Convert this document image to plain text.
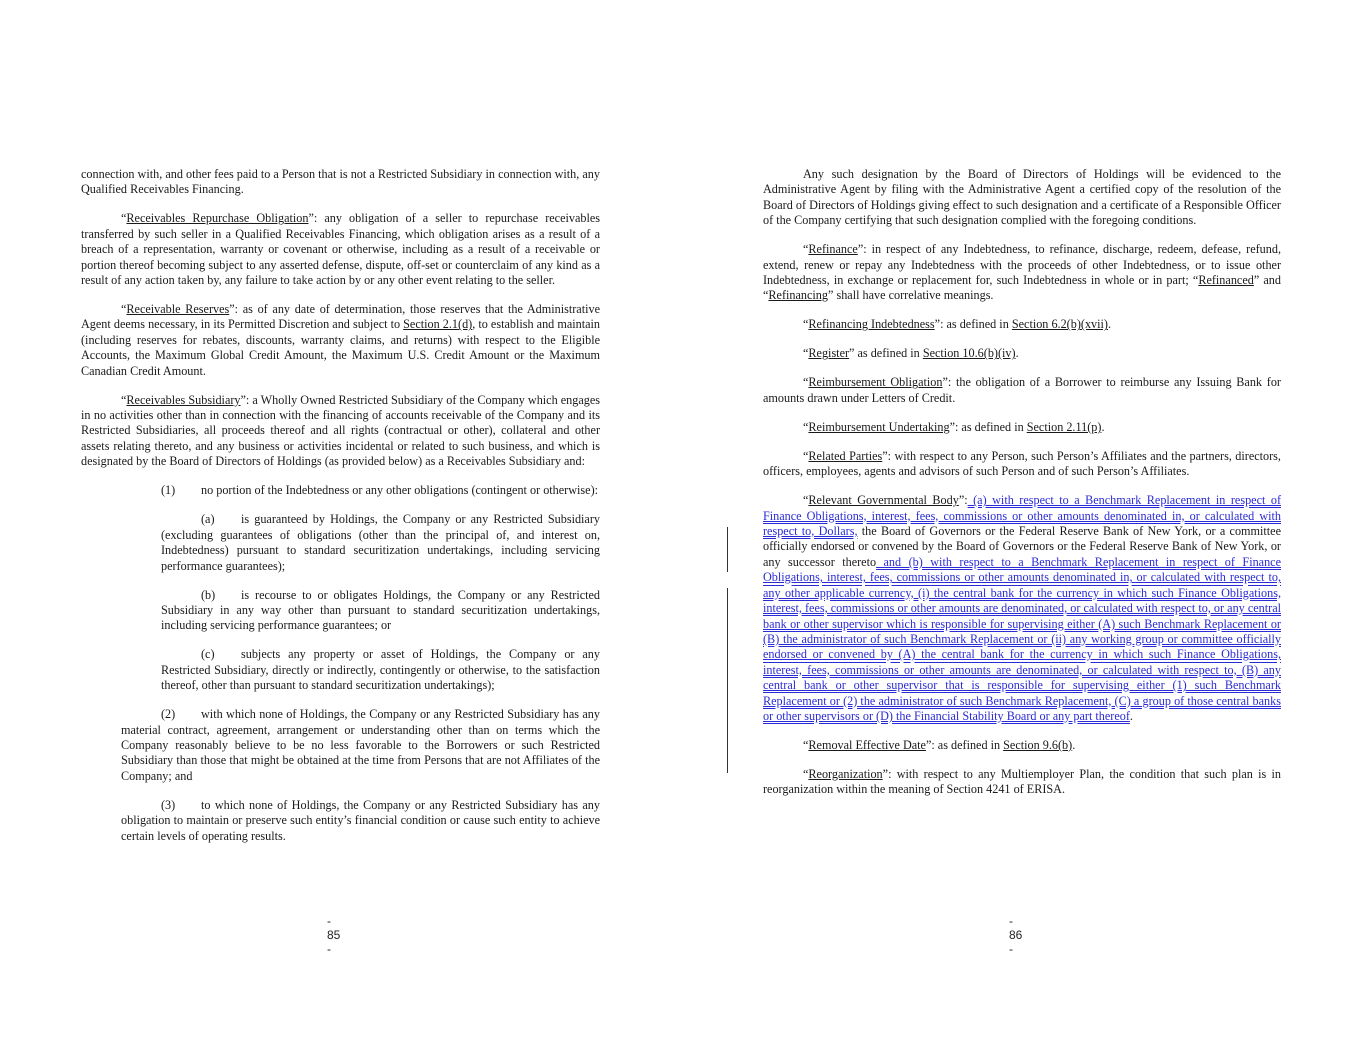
connection with, and other fees paid to a Person that is not a Restricted Subsidiary in connection with, any Qualified Receivables Financing.

“Receivables Repurchase Obligation”: any obligation of a seller to repurchase receivables transferred by such seller in a Qualified Receivables Financing, which obligation arises as a result of a breach of a representation, warranty or covenant or otherwise, including as a result of a receivable or portion thereof becoming subject to any asserted defense, dispute, off-set or counterclaim of any kind as a result of any action taken by, any failure to take action by or any other event relating to the seller.

“Receivable Reserves”: as of any date of determination, those reserves that the Administrative Agent deems necessary, in its Permitted Discretion and subject to Section 2.1(d), to establish and maintain (including reserves for rebates, discounts, warranty claims, and returns) with respect to the Eligible Accounts, the Maximum Global Credit Amount, the Maximum U.S. Credit Amount or the Maximum Canadian Credit Amount.

“Receivables Subsidiary”: a Wholly Owned Restricted Subsidiary of the Company which engages in no activities other than in connection with the financing of accounts receivable of the Company and its Restricted Subsidiaries, all proceeds thereof and all rights (contractual or other), collateral and other assets relating thereto, and any business or activities incidental or related to such business, and which is designated by the Board of Directors of Holdings (as provided below) as a Receivables Subsidiary and:

(1) no portion of the Indebtedness or any other obligations (contingent or otherwise):

(a) is guaranteed by Holdings, the Company or any Restricted Subsidiary (excluding guarantees of obligations (other than the principal of, and interest on, Indebtedness) pursuant to standard securitization undertakings, including servicing performance guarantees);

(b) is recourse to or obligates Holdings, the Company or any Restricted Subsidiary in any way other than pursuant to standard securitization undertakings, including servicing performance guarantees; or

(c) subjects any property or asset of Holdings, the Company or any Restricted Subsidiary, directly or indirectly, contingently or otherwise, to the satisfaction thereof, other than pursuant to standard securitization undertakings);

(2) with which none of Holdings, the Company or any Restricted Subsidiary has any material contract, agreement, arrangement or understanding other than on terms which the Company reasonably believe to be no less favorable to the Borrowers or such Restricted Subsidiary than those that might be obtained at the time from Persons that are not Affiliates of the Company; and

(3) to which none of Holdings, the Company or any Restricted Subsidiary has any obligation to maintain or preserve such entity’s financial condition or cause such entity to achieve certain levels of operating results.

- 85 -

Any such designation by the Board of Directors of Holdings will be evidenced to the Administrative Agent by filing with the Administrative Agent a certified copy of the resolution of the Board of Directors of Holdings giving effect to such designation and a certificate of a Responsible Officer of the Company certifying that such designation complied with the foregoing conditions.

“Refinance”: in respect of any Indebtedness, to refinance, discharge, redeem, defease, refund, extend, renew or repay any Indebtedness with the proceeds of other Indebtedness, or to issue other Indebtedness, in exchange or replacement for, such Indebtedness in whole or in part; “Refinanced” and “Refinancing” shall have correlative meanings.

“Refinancing Indebtedness”: as defined in Section 6.2(b)(xvii).

“Register” as defined in Section 10.6(b)(iv).

“Reimbursement Obligation”: the obligation of a Borrower to reimburse any Issuing Bank for amounts drawn under Letters of Credit.

“Reimbursement Undertaking”: as defined in Section 2.11(p).

“Related Parties”: with respect to any Person, such Person’s Affiliates and the partners, directors, officers, employees, agents and advisors of such Person and of such Person’s Affiliates.

“Relevant Governmental Body”: (a) with respect to a Benchmark Replacement in respect of Finance Obligations, interest, fees, commissions or other amounts denominated in, or calculated with respect to, Dollars, the Board of Governors or the Federal Reserve Bank of New York, or a committee officially endorsed or convened by the Board of Governors or the Federal Reserve Bank of New York, or any successor thereto and (b) with respect to a Benchmark Replacement in respect of Finance Obligations, interest, fees, commissions or other amounts denominated in, or calculated with respect to, any other applicable currency, (i) the central bank for the currency in which such Finance Obligations, interest, fees, commissions or other amounts are denominated, or calculated with respect to, or any central bank or other supervisor which is responsible for supervising either (A) such Benchmark Replacement or (B) the administrator of such Benchmark Replacement or (ii) any working group or committee officially endorsed or convened by (A) the central bank for the currency in which such Finance Obligations, interest, fees, commissions or other amounts are denominated, or calculated with respect to, (B) any central bank or other supervisor that is responsible for supervising either (1) such Benchmark Replacement or (2) the administrator of such Benchmark Replacement, (C) a group of those central banks or other supervisors or (D) the Financial Stability Board or any part thereof.

“Removal Effective Date”: as defined in Section 9.6(b).

“Reorganization”: with respect to any Multiemployer Plan, the condition that such plan is in reorganization within the meaning of Section 4241 of ERISA.

- 86 -
